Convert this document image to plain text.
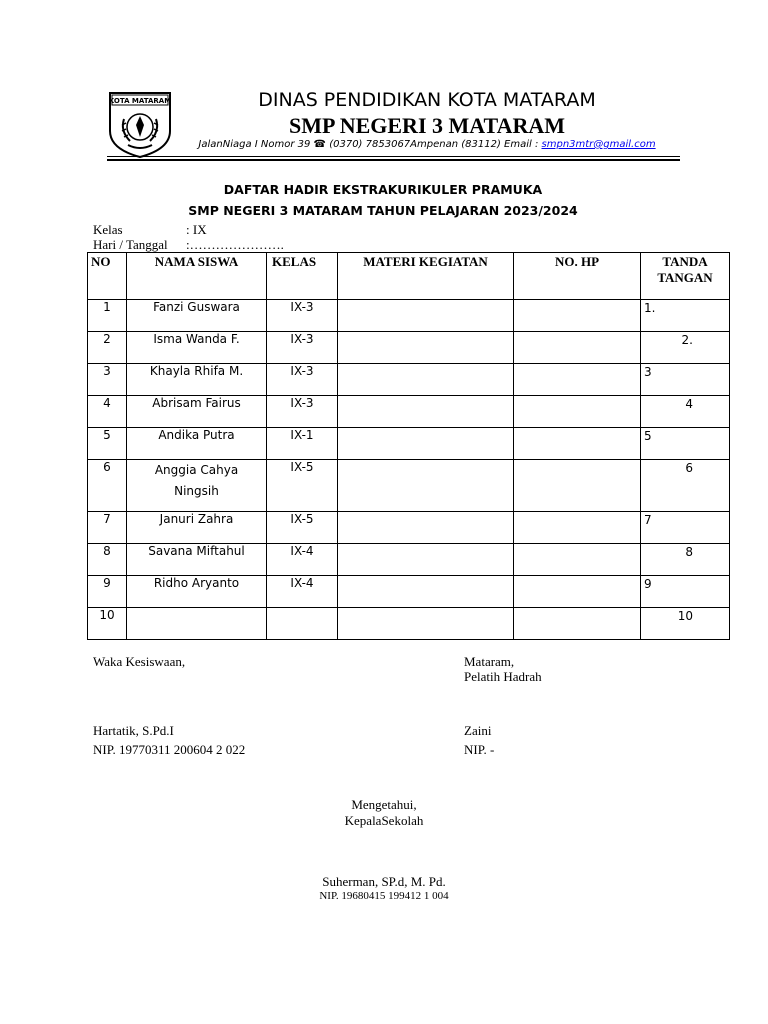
KOTA MATARAM	DINAS PENDIDIKAN KOTA MATARAM
SMP NEGERI 3 MATARAM
JalanNiaga I Nomor 39 ☎ (0370) 7853067Ampenan (83112) Email : smpn3mtr@gmail.com
DAFTAR HADIR EKSTRAKURIKULER PRAMUKA
SMP NEGERI 3 MATARAM TAHUN PELAJARAN 2023/2024
Kelas	: IX
Hari / Tanggal :………………….
NO	NAMA SISWA	KELAS	MATERI KEGIATAN	NO. HP	TANDA
TANGAN
1	Fanzi Guswara	IX-3			1.
2	Isma Wanda F.	IX-3			2.
3	Khayla Rhifa M.	IX-3			3
4	Abrisam Fairus	IX-3			4
5	Andika Putra	IX-1			5
6	Anggia Cahya
Ningsih	IX-5			6
7	Januri Zahra	IX-5			7
8	Savana Miftahul	IX-4			8
9	Ridho Aryanto	IX-4			9
10					10
Waka Kesiswaan,	Mataram,
Pelatih Hadrah
Hartatik, S.Pd.I
NIP. 19770311 200604 2 022
Zaini
NIP. -
Mengetahui,
KepalaSekolah
Suherman, SP.d, M. Pd.
NIP. 19680415 199412 1 004
